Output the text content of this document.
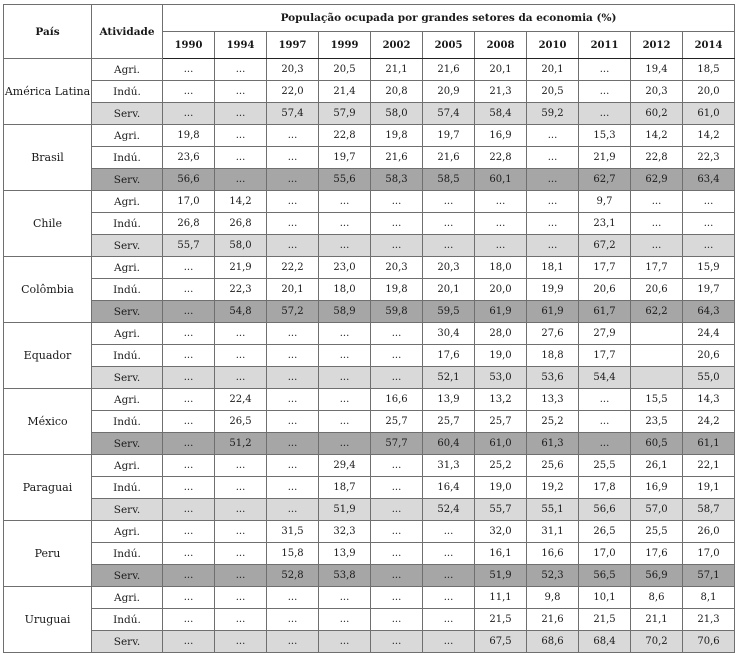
País	Atividade	População ocupada por grandes setores da economia (%)										
		1990	1994	1997	1999	2002	2005	2008	2010	2011	2012	2014
América Latina	Agri.	...	...	20,3	20,5	21,1	21,6	20,1	20,1	...	19,4	18,5
	Indú.	...	...	22,0	21,4	20,8	20,9	21,3	20,5	...	20,3	20,0
	Serv.	...	...	57,4	57,9	58,0	57,4	58,4	59,2	...	60,2	61,0
Brasil	Agri.	19,8	...	...	22,8	19,8	19,7	16,9	...	15,3	14,2	14,2
	Indú.	23,6	...	...	19,7	21,6	21,6	22,8	...	21,9	22,8	22,3
	Serv.	56,6	...	...	55,6	58,3	58,5	60,1	...	62,7	62,9	63,4
Chile	Agri.	17,0	14,2	...	...	...	...	...	...	9,7	...	...
	Indú.	26,8	26,8	...	...	...	...	...	...	23,1	...	...
	Serv.	55,7	58,0	...	...	...	...	...	...	67,2	...	...
Colômbia	Agri.	...	21,9	22,2	23,0	20,3	20,3	18,0	18,1	17,7	17,7	15,9
	Indú.	...	22,3	20,1	18,0	19,8	20,1	20,0	19,9	20,6	20,6	19,7
	Serv.	...	54,8	57,2	58,9	59,8	59,5	61,9	61,9	61,7	62,2	64,3
Equador	Agri.	...	...	...	...	...	30,4	28,0	27,6	27,9		24,4
	Indú.	...	...	...	...	...	17,6	19,0	18,8	17,7		20,6
	Serv.	...	...	...	...	...	52,1	53,0	53,6	54,4		55,0
México	Agri.	...	22,4	...	...	16,6	13,9	13,2	13,3	...	15,5	14,3
	Indú.	...	26,5	...	...	25,7	25,7	25,7	25,2	...	23,5	24,2
	Serv.	...	51,2	...	...	57,7	60,4	61,0	61,3	...	60,5	61,1
Paraguai	Agri.	...	...	...	29,4	...	31,3	25,2	25,6	25,5	26,1	22,1
	Indú.	...	...	...	18,7	...	16,4	19,0	19,2	17,8	16,9	19,1
	Serv.	...	...	...	51,9	...	52,4	55,7	55,1	56,6	57,0	58,7
Peru	Agri.	...	...	31,5	32,3	...	...	32,0	31,1	26,5	25,5	26,0
	Indú.	...	...	15,8	13,9	...	...	16,1	16,6	17,0	17,6	17,0
	Serv.	...	...	52,8	53,8	...	...	51,9	52,3	56,5	56,9	57,1
Uruguai	Agri.	...	...	...	...	...	...	11,1	9,8	10,1	8,6	8,1
	Indú.	...	...	...	...	...	...	21,5	21,6	21,5	21,1	21,3
	Serv.	...	...	...	...	...	...	67,5	68,6	68,4	70,2	70,6
